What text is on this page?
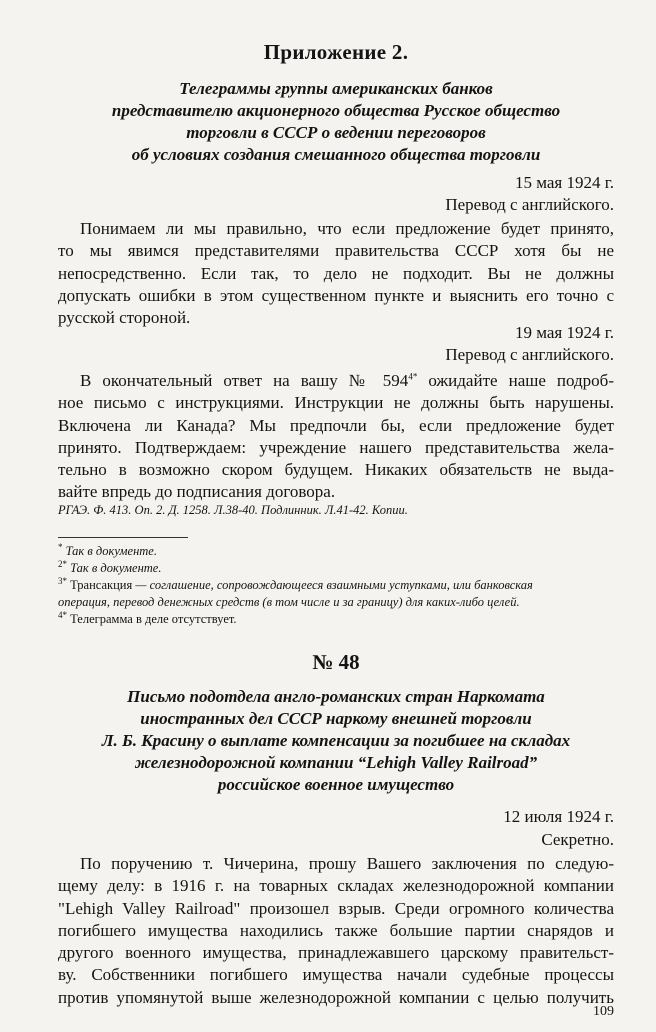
Приложение 2.
Телеграммы группы американских банков
представителю акционерного общества Русское общество
торговли в СССР о ведении переговоров
об условиях создания смешанного общества торговли
15 мая 1924 г.
Перевод с английского.
Понимаем ли мы правильно, что если предложение будет принято,
то мы явимся представителями правительства СССР хотя бы не
непосредственно. Если так, то дело не подходит. Вы не должны
допускать ошибки в этом существенном пункте и выяснить его точно с
русской стороной.
19 мая 1924 г.
Перевод с английского.
В окончательный ответ на вашу № $594^{4*}$ ожидайте наше подроб-
ное письмо с инструкциями. Инструкции не должны быть нарушены.
Включена ли Канада? Мы предпочли бы, если предложение будет
принято. Подтверждаем: учреждение нашего представительства жела-
тельно в возможно скором будущем. Никаких обязательств не выда-
вайте впредь до подписания договора.
РГАЭ. Ф. 413. Оп. 2. Д. 1258. Л.38-40. Подлинник. Л.41-42. Копии.
* Так в документе.
$^{2*}$ Так в документе.
$^{3*}$ Трансакция — соглашение, сопровождающееся взаимными уступками, или банковская
операция, перевод денежных средств (в том числе и за границу) для каких-либо целей.
$^{4*}$ Телеграмма в деле отсутствует.
№ 48
Письмо подотдела англо-романских стран Наркомата
иностранных дел СССР наркому внешней торговли
Л. Б. Красину о выплате компенсации за погибшее на складах
железнодорожной компании “Lehigh Valley Railroad”
российское военное имущество
12 июля 1924 г.
Секретно.
По поручению т. Чичерина, прошу Вашего заключения по следую-
щему делу: в 1916 г. на товарных складах железнодорожной компании
"Lehigh Valley Railroad" произошел взрыв. Среди огромного количества
погибшего имущества находились также большие партии снарядов и
другого военного имущества, принадлежавшего царскому правительст-
ву. Собственники погибшего имущества начали судебные процессы
против упомянутой выше железнодорожной компании с целью получить
109
